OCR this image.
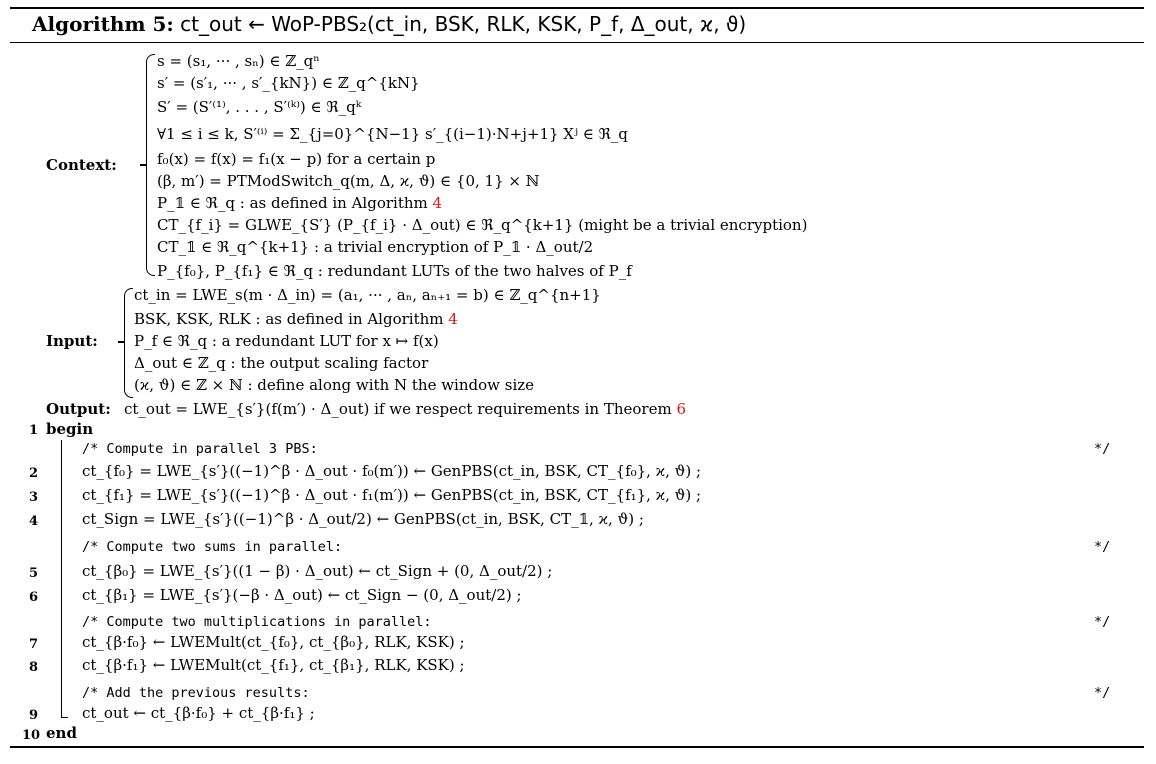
Algorithm 5: ct_out ← WoP-PBS₂(ct_in, BSK, RLK, KSK, P_f, Δ_out, ϰ, ϑ)
Context:
s = (s₁, ··· , sₙ) ∈ ℤ_qⁿ
s′ = (s′₁, ··· , s′_{kN}) ∈ ℤ_q^{kN}
S′ = (S′⁽¹⁾, . . . , S′⁽ᵏ⁾) ∈ ℜ_qᵏ
∀1 ≤ i ≤ k, S′⁽ⁱ⁾ = Σ_{j=0}^{N−1} s′_{(i−1)·N+j+1} Xʲ ∈ ℜ_q
f₀(x) = f(x) = f₁(x − p) for a certain p
(β, m′) = PTModSwitch_q(m, Δ, ϰ, ϑ) ∈ {0, 1} × ℕ
P_𝟙 ∈ ℜ_q : as defined in Algorithm 4
CT_{f_i} = GLWE_{S′} (P_{f_i} · Δ_out) ∈ ℜ_q^{k+1} (might be a trivial encryption)
CT_𝟙 ∈ ℜ_q^{k+1} : a trivial encryption of P_𝟙 · Δ_out/2
P_{f₀}, P_{f₁} ∈ ℜ_q : redundant LUTs of the two halves of P_f
Input:
ct_in = LWE_s(m · Δ_in) = (a₁, ··· , aₙ, aₙ₊₁ = b) ∈ ℤ_q^{n+1}
BSK, KSK, RLK : as defined in Algorithm 4
P_f ∈ ℜ_q : a redundant LUT for x ↦ f(x)
Δ_out ∈ ℤ_q : the output scaling factor
(ϰ, ϑ) ∈ ℤ × ℕ : define along with N the window size
Output: ct_out = LWE_{s′}(f(m′) · Δ_out) if we respect requirements in Theorem 6
1 begin
/* Compute in parallel 3 PBS:	*/
2	ct_{f₀} = LWE_{s′}((−1)^β · Δ_out · f₀(m′)) ← GenPBS(ct_in, BSK, CT_{f₀}, ϰ, ϑ) ;
3	ct_{f₁} = LWE_{s′}((−1)^β · Δ_out · f₁(m′)) ← GenPBS(ct_in, BSK, CT_{f₁}, ϰ, ϑ) ;
4	ct_Sign = LWE_{s′}((−1)^β · Δ_out/2) ← GenPBS(ct_in, BSK, CT_𝟙, ϰ, ϑ) ;
/* Compute two sums in parallel:	*/
5	ct_{β₀} = LWE_{s′}((1 − β) · Δ_out) ← ct_Sign + (0, Δ_out/2) ;
6	ct_{β₁} = LWE_{s′}(−β · Δ_out) ← ct_Sign − (0, Δ_out/2) ;
/* Compute two multiplications in parallel:	*/
7	ct_{β·f₀} ← LWEMult(ct_{f₀}, ct_{β₀}, RLK, KSK) ;
8	ct_{β·f₁} ← LWEMult(ct_{f₁}, ct_{β₁}, RLK, KSK) ;
/* Add the previous results:	*/
9	ct_out ← ct_{β·f₀} + ct_{β·f₁} ;
10 end
